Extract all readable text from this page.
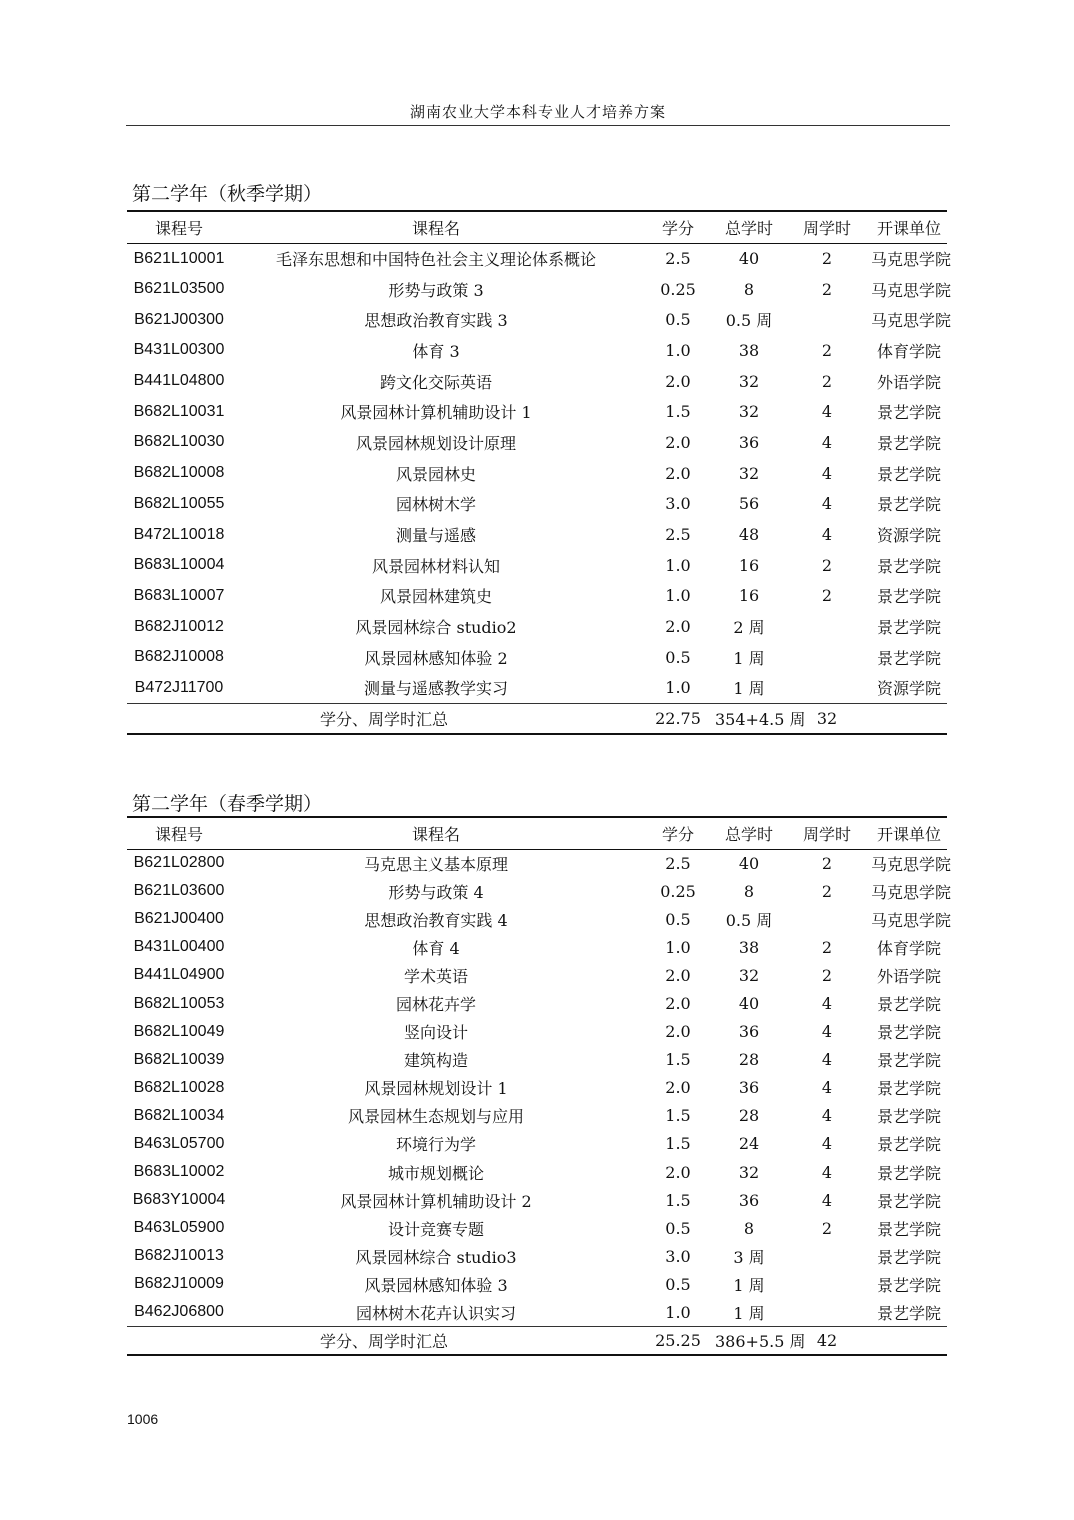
湖南农业大学本科专业人才培养方案
第二学年（秋季学期）
课程号	课程名	学分	总学时	周学时	开课单位
B621L10001	毛泽东思想和中国特色社会主义理论体系概论	2.5	40	2	马克思学院
B621L03500	形势与政策 3	0.25	8	2	马克思学院
B621J00300	思想政治教育实践 3	0.5	0.5 周		马克思学院
B431L00300	体育 3	1.0	38	2	体育学院
B441L04800	跨文化交际英语	2.0	32	2	外语学院
B682L10031	风景园林计算机辅助设计 1	1.5	32	4	景艺学院
B682L10030	风景园林规划设计原理	2.0	36	4	景艺学院
B682L10008	风景园林史	2.0	32	4	景艺学院
B682L10055	园林树木学	3.0	56	4	景艺学院
B472L10018	测量与遥感	2.5	48	4	资源学院
B683L10004	风景园林材料认知	1.0	16	2	景艺学院
B683L10007	风景园林建筑史	1.0	16	2	景艺学院
B682J10012	风景园林综合 studio2	2.0	2 周		景艺学院
B682J10008	风景园林感知体验 2	0.5	1 周		景艺学院
B472J11700	测量与遥感教学实习	1.0	1 周		资源学院
学分、周学时汇总		22.75	354+4.5 周	32	
第二学年（春季学期）
课程号	课程名	学分	总学时	周学时	开课单位
B621L02800	马克思主义基本原理	2.5	40	2	马克思学院
B621L03600	形势与政策 4	0.25	8	2	马克思学院
B621J00400	思想政治教育实践 4	0.5	0.5 周		马克思学院
B431L00400	体育 4	1.0	38	2	体育学院
B441L04900	学术英语	2.0	32	2	外语学院
B682L10053	园林花卉学	2.0	40	4	景艺学院
B682L10049	竖向设计	2.0	36	4	景艺学院
B682L10039	建筑构造	1.5	28	4	景艺学院
B682L10028	风景园林规划设计 1	2.0	36	4	景艺学院
B682L10034	风景园林生态规划与应用	1.5	28	4	景艺学院
B463L05700	环境行为学	1.5	24	4	景艺学院
B683L10002	城市规划概论	2.0	32	4	景艺学院
B683Y10004	风景园林计算机辅助设计 2	1.5	36	4	景艺学院
B463L05900	设计竞赛专题	0.5	8	2	景艺学院
B682J10013	风景园林综合 studio3	3.0	3 周		景艺学院
B682J10009	风景园林感知体验 3	0.5	1 周		景艺学院
B462J06800	园林树木花卉认识实习	1.0	1 周		景艺学院
学分、周学时汇总		25.25	386+5.5 周	42	
1006
